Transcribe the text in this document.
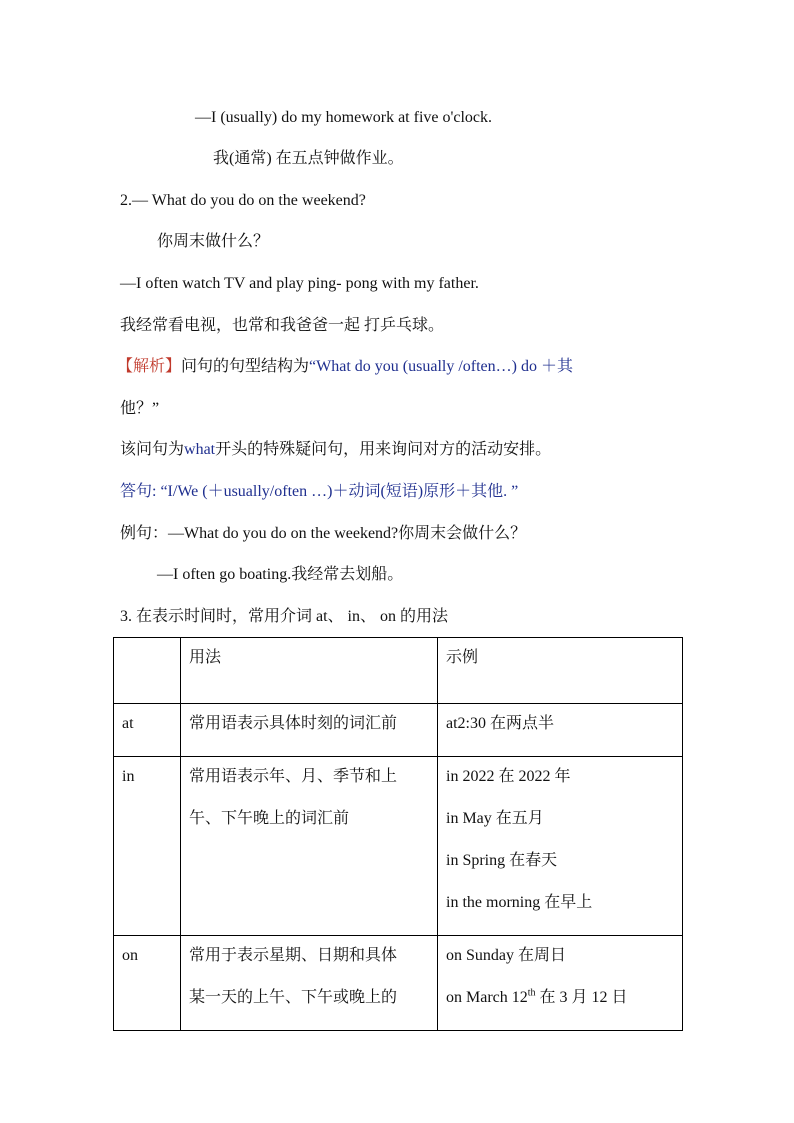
—I (usually) do my homework at five o'clock.
我(通常) 在五点钟做作业。
2.— What do you do on the weekend?
你周末做什么？
—I often watch TV and play ping- pong with my father.
我经常看电视，也常和我爸爸一起 打乒乓球。
【解析】问句的句型结构为“What do you (usually /often…) do ＋其
他？”
该问句为what开头的特殊疑问句，用来询问对方的活动安排。
答句: “I/We (＋usually/often …)＋动词(短语)原形＋其他. ”
例句：—What do you do on the weekend?你周末会做什么？
—I often go boating.我经常去划船。
3. 在表示时间时，常用介词 at、 in、 on 的用法
	用法	示例
at	常用语表示具体时刻的词汇前	at2:30 在两点半

in	常用语表示年、月、季节和上
午、下午晚上的词汇前	in 2022 在 2022 年
in May 在五月
in Spring 在春天
in the morning 在早上

on	常用于表示星期、日期和具体
某一天的上午、下午或晚上的	on Sunday 在周日
on March 12th 在 3 月 12 日
